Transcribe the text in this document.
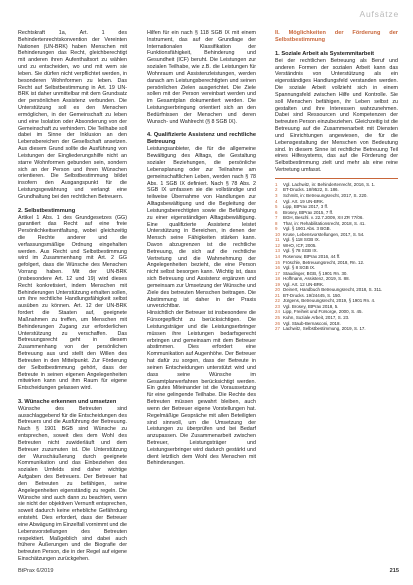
Aufsätze

Rechtskraft 1a, Art. 1 des Behindertenrechtskonvention der Vereinten Nationen (UN-BRK) haben Menschen mit Behinderungen das Recht, gleichberechtigt mit anderen ihren Aufenthaltsort zu wählen und zu entscheiden, wo und mit wem sie leben. Sie dürfen nicht verpflichtet werden, in besonderen Wohnformen zu leben. Das Recht auf Selbstbestimmung in Art. 19 UN-BRK ist daher unmittelbar mit dem Grundsatz der persönlichen Assistenz verbunden. Die Unterstützung soll es den Menschen ermöglichen, in der Gemeinschaft zu leben und eine Isolation oder Absonderung von der Gemeinschaft zu verhindern. Die Teilhabe soll dabei im Sinne der Inklusion an den Lebensbereichen der Gesellschaft ansetzen. Aus diesem Grund sollte die Ausführung von Leistungen der Eingliederungshilfe nicht an starre Wohnformen gebunden sein, sondern sich an der Person und ihren Wünschen orientieren. Die Selbstbestimmung bildet insofern den Ausgangspunkt für die Leistungsgewährung und verlangt eine Grundhaltung bei den rechtlichen Betreuern.

2. Selbstbestimmung

Artikel 1 Abs. 1 des Grundgesetzes (GG) garantiert das Recht auf eine freie Persönlichkeitsentfaltung, wobei gleichzeitig die Rechte anderer und die verfassungsmäßige Ordnung eingehalten werden. Aus Recht und Selbstbestimmung wird im Zusammenhang mit Art. 2 GG gefolgert, dass die Wünsche des Menschen Vorrang haben. Mit der UN-BRK (insbesondere Art. 12 und 19) wird dieses Recht konkretisiert, indem Menschen mit Behinderungen Unterstützung erhalten sollen, um ihre rechtliche Handlungsfähigkeit selbst ausüben zu können. Art. 12 der UN-BRK fordert die Staaten auf, geeignete Maßnahmen zu treffen, um Menschen mit Behinderungen Zugang zur erforderlichen Unterstützung zu verschaffen. Das Betreuungsrecht geht in diesem Zusammenhang von der persönlichen Betreuung aus und stellt den Willen des Betreuten in den Mittelpunkt. Zur Förderung der Selbstbestimmung gehört, dass der Betreute in seinen eigenen Angelegenheiten mitwirken kann und ihm Raum für eigene Entscheidungen gelassen wird.

3. Wünsche erkennen und umsetzen

Wünsche des Betreuten sind ausschlaggebend für die Entscheidungen des Betreuers und die Ausführung der Betreuung. Nach § 1901 BGB sind Wünsche zu entsprechen, soweit dies dem Wohl des Betreuten nicht zuwiderläuft und dem Betreuer zuzumuten ist. Die Unterstützung der Wunschäußerung durch geeignete Kommunikation und das Einbeziehen des sozialen Umfelds sind daher wichtige Aufgaben des Betreuers. Der Betreuer hat den Betreuten zu befähigen, seine Angelegenheiten eigenständig zu regeln. Die Wünsche sind auch dann zu beachten, wenn sie nicht der objektiven Vernunft entsprechen, soweit dadurch keine erhebliche Gefährdung entsteht. Dies erfordert, dass der Betreuer eine Abwägung im Einzelfall vornimmt und die Lebensvorstellungen des Betreuten respektiert. Maßgeblich sind dabei auch frühere Äußerungen und die Biografie der betreuten Person, die in der Regel auf eigene Einschätzungen zurückgehen.

Hilfen für ein nach § 118 SGB IX mit einem Instrument, das auf der Grundlage der Internationalen Klassifikation der Funktionsfähigkeit, Behinderung und Gesundheit (ICF) beruht. Die Leistungen zur sozialen Teilhabe, wie z.B. die Leistungen für Wohnraum und Assistenzleistungen, werden danach am Leistungsberechtigten und seinen persönlichen Zielen ausgerichtet. Die Ziele sollen mit der Person vereinbart werden und im Gesamtplan dokumentiert werden. Die Leistungserbringung orientiert sich an den Bedürfnissen der Menschen und deren Wunsch- und Wahlrecht (§ 8 SGB IX).

4. Qualifizierte Assistenz und rechtliche Betreuung

Leistungsanbieter, die für die allgemeine Bewältigung des Alltags, die Gestaltung sozialer Beziehungen, die persönliche Lebensplanung oder zur Teilnahme am gemeinschaftlichen Leben, werden nach § 78 Abs. 1 SGB IX definiert. Nach § 78 Abs. 2 SGB IX umfassen sie die vollständige und teilweise Übernahme von Handlungen zur Alltagsbewältigung und die Begleitung der Leistungsberechtigten sowie die Befähigung zu einer eigenständigen Alltagsbewältigung. Eine qualifizierte Assistenz leistet Unterstützung in Bereichen, in denen der Mensch seine Fähigkeiten stärken kann. Davon abzugrenzen ist die rechtliche Betreuung, die sich auf die rechtliche Vertretung und die Wahrnehmung der Angelegenheiten bezieht, die eine Person nicht selbst besorgen kann. Wichtig ist, dass sich Betreuung und Assistenz ergänzen und gemeinsam zur Umsetzung der Wünsche und Ziele des betreuten Menschen beitragen. Die Abstimmung ist daher in der Praxis unverzichtbar.

Hinsichtlich der Betreuer ist insbesondere die Fürsorgepflicht zu berücksichtigen. Die Leistungsträger und die Leistungserbringer müssen ihre Leistungen bedarfsgerecht erbringen und gemeinsam mit dem Betreuer abstimmen. Dies erfordert eine Kommunikation auf Augenhöhe. Der Betreuer hat dafür zu sorgen, dass der Betreute in seinen Entscheidungen unterstützt wird und dass seine Wünsche im Gesamtplanverfahren berücksichtigt werden. Ein gutes Miteinander ist die Voraussetzung für eine gelingende Teilhabe. Die Rechte des Betreuten müssen gewahrt bleiben, auch wenn der Betreuer eigene Vorstellungen hat. Regelmäßige Gespräche mit allen Beteiligten sind sinnvoll, um die Umsetzung der Leistungen zu überprüfen und bei Bedarf anzupassen. Die Zusammenarbeit zwischen Betreuer, Leistungsträger und Leistungserbringer wird dadurch gestärkt und dient letztlich dem Wohl des Menschen mit Behinderungen.

II. Möglichkeiten der Förderung der Selbstbestimmung
1. Soziale Arbeit als Systemmitarbeit

Bei der rechtlichen Betreuung als Beruf und anderen Formen der sozialen Arbeit kann das Verständnis von Unterstützung als ein eigenständiges Handlungsfeld verstanden werden. Die soziale Arbeit vollzieht sich in einem Spannungsfeld zwischen Hilfe und Kontrolle. Sie soll Menschen befähigen, ihr Leben selbst zu gestalten und ihre Interessen wahrzunehmen. Dabei sind Ressourcen und Kompetenzen der betreuten Person einzubeziehen. Gleichzeitig ist die Betreuung auf die Zusammenarbeit mit Diensten und Einrichtungen angewiesen, die für die Lebensgestaltung der Menschen von Bedeutung sind. In diesem Sinne ist rechtliche Betreuung Teil eines Hilfesystems, das auf die Förderung der Selbstbestimmung zielt und mehr als eine reine Vertretung umfasst.

1	Vgl. Lachwitz, in: Behindertenrecht, 2016, S. 1.
2	BT-Drucks. 18/9522, S. 186.
3	Schmitt, in: Betreuungsrecht, 2017, S. 220.
4	Vgl. Art. 19 UN-BRK.
5	Lipp, BtPrax 2017, 3 ff.
6	Brosey, BtPrax 2015, 7 ff.
7	BGH, Beschl. v. 22.7.2009, XII ZR 77/06.
8	Thar, in: Rehabilitationsrecht, 2018, S. 41.
9	Vgl. § 1901 Abs. 3 BGB.
10 Kruse, Lebensvorstellungen, 2017, S. 54.
11 Vgl. § 118 SGB IX.
12 WHO, ICF, 2005.
13 Vgl. § 78 SGB IX.
14 Rosenow, BtPrax 2016, 44 ff.
15 Fröschle, Betreuungsrecht, 2018, Rn. 12.
16 Vgl. § 8 SGB IX.
17 Staudinger, BGB, § 1901 Rn. 30.
18 Hoffmann, Assistenz, 2019, S. 88.
19 Vgl. Art. 12 UN-BRK.
20 Deinert, Handbuch Betreuungsrecht, 2018, S. 311.
21 BT-Drucks. 19/24445, S. 150.
22 Jürgens, Betreuungsrecht, 2019, § 1901 Rn. 4.
23 Vgl. Brosey, BtPrax 2018, 5.
24 Lipp, Freiheit und Fürsorge, 2000, S. 45.
25 Kuhn, Soziale Arbeit, 2017, S. 23.
26 Vgl. Staub-Bernasconi, 2018.
27 Lachwitz, Selbstbestimmung, 2019, S. 17.
BtPrax 6/2019	215
